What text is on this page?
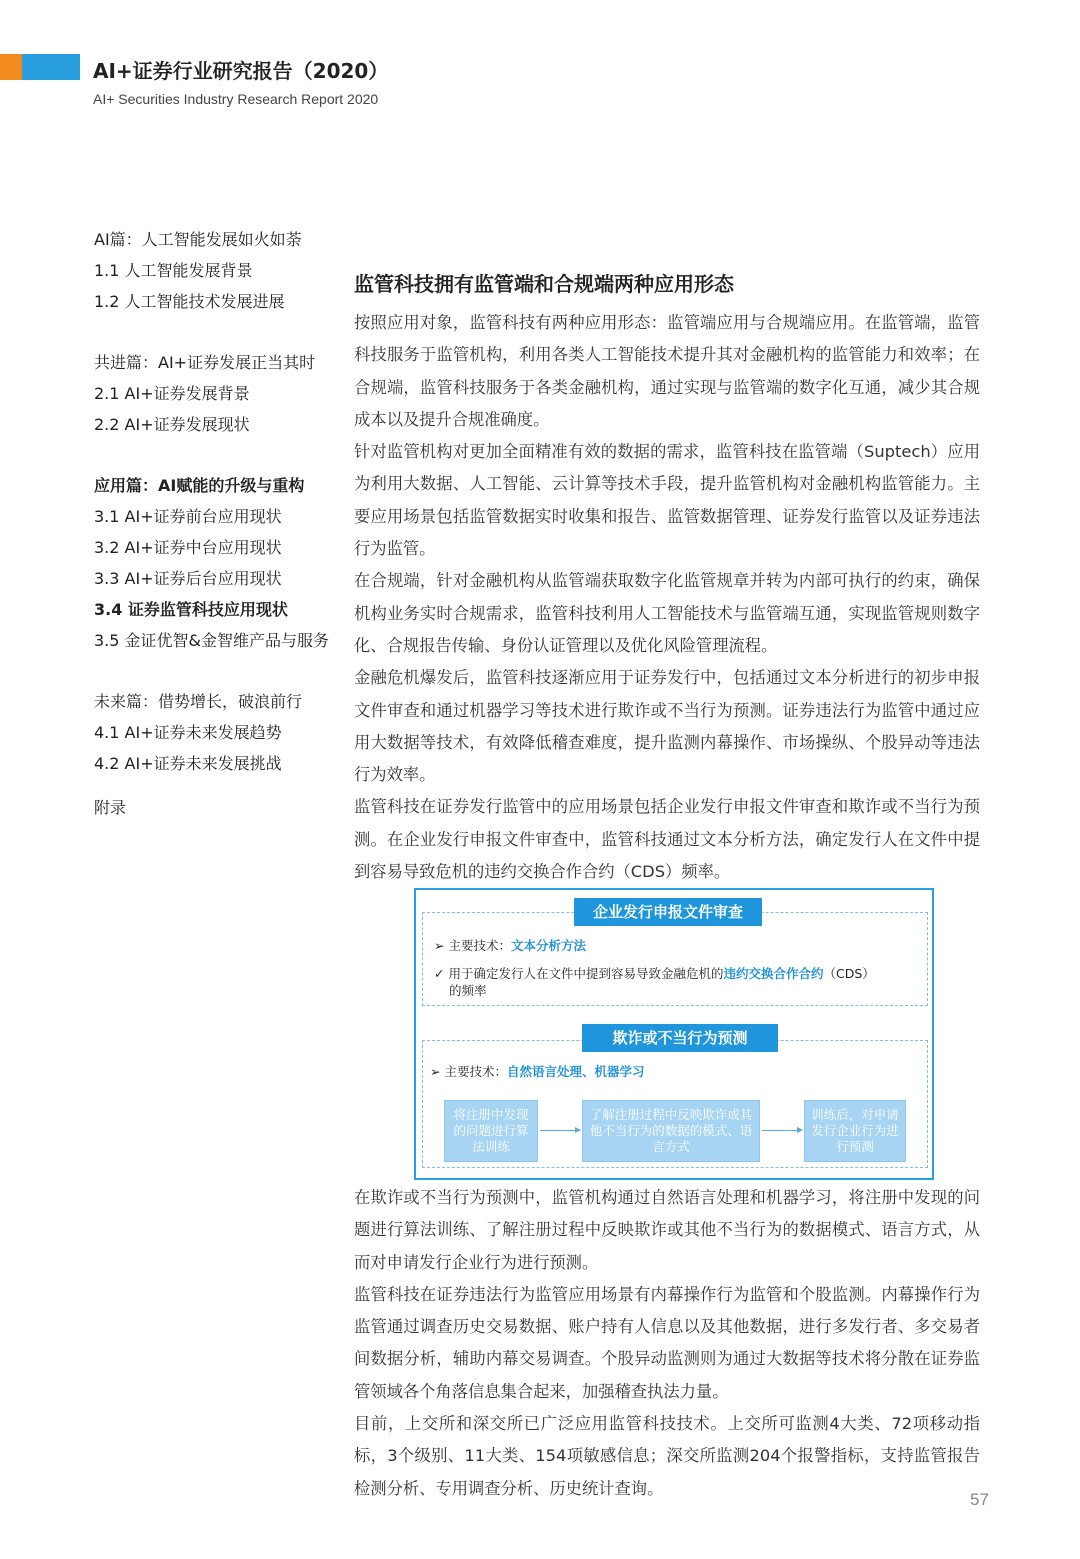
AI+证券行业研究报告（2020）
AI+ Securities Industry Research Report 2020
AI篇：人工智能发展如火如荼
1.1 人工智能发展背景
1.2 人工智能技术发展进展
共进篇：AI+证券发展正当其时
2.1 AI+证券发展背景
2.2 AI+证券发展现状
应用篇：AI赋能的升级与重构
3.1 AI+证券前台应用现状
3.2 AI+证券中台应用现状
3.3 AI+证券后台应用现状
3.4 证券监管科技应用现状
3.5 金证优智&金智维产品与服务
未来篇：借势增长，破浪前行
4.1 AI+证券未来发展趋势
4.2 AI+证券未来发展挑战
附录
监管科技拥有监管端和合规端两种应用形态

按照应用对象，监管科技有两种应用形态：监管端应用与合规端应用。在监管端，监管科技服务于监管机构，利用各类人工智能技术提升其对金融机构的监管能力和效率；在合规端，监管科技服务于各类金融机构，通过实现与监管端的数字化互通，减少其合规成本以及提升合规准确度。

针对监管机构对更加全面精准有效的数据的需求，监管科技在监管端（Suptech）应用为利用大数据、人工智能、云计算等技术手段，提升监管机构对金融机构监管能力。主要应用场景包括监管数据实时收集和报告、监管数据管理、证券发行监管以及证券违法行为监管。

在合规端，针对金融机构从监管端获取数字化监管规章并转为内部可执行的约束，确保机构业务实时合规需求，监管科技利用人工智能技术与监管端互通，实现监管规则数字化、合规报告传输、身份认证管理以及优化风险管理流程。

金融危机爆发后，监管科技逐渐应用于证券发行中，包括通过文本分析进行的初步申报文件审查和通过机器学习等技术进行欺诈或不当行为预测。证券违法行为监管中通过应用大数据等技术，有效降低稽查难度，提升监测内幕操作、市场操纵、个股异动等违法行为效率。

监管科技在证券发行监管中的应用场景包括企业发行申报文件审查和欺诈或不当行为预测。在企业发行申报文件审查中，监管科技通过文本分析方法，确定发行人在文件中提到容易导致危机的违约交换合作合约（CDS）频率。

企业发行申报文件审查
➢ 主要技术：文本分析方法
✓ 用于确定发行人在文件中提到容易导致金融危机的违约交换合作合约（CDS）
的频率
欺诈或不当行为预测
➢ 主要技术：自然语言处理、机器学习
将注册中发现的问题进行算法训练
了解注册过程中反映欺诈或其他不当行为的数据的模式、语言方式
训练后，对申请发行企业行为进行预测

在欺诈或不当行为预测中，监管机构通过自然语言处理和机器学习，将注册中发现的问题进行算法训练、了解注册过程中反映欺诈或其他不当行为的数据模式、语言方式，从而对申请发行企业行为进行预测。

监管科技在证券违法行为监管应用场景有内幕操作行为监管和个股监测。内幕操作行为监管通过调查历史交易数据、账户持有人信息以及其他数据，进行多发行者、多交易者间数据分析，辅助内幕交易调查。个股异动监测则为通过大数据等技术将分散在证券监管领域各个角落信息集合起来，加强稽查执法力量。

目前，上交所和深交所已广泛应用监管科技技术。上交所可监测4大类、72项移动指标，3个级别、11大类、154项敏感信息；深交所监测204个报警指标，支持监管报告检测分析、专用调查分析、历史统计查询。

57
